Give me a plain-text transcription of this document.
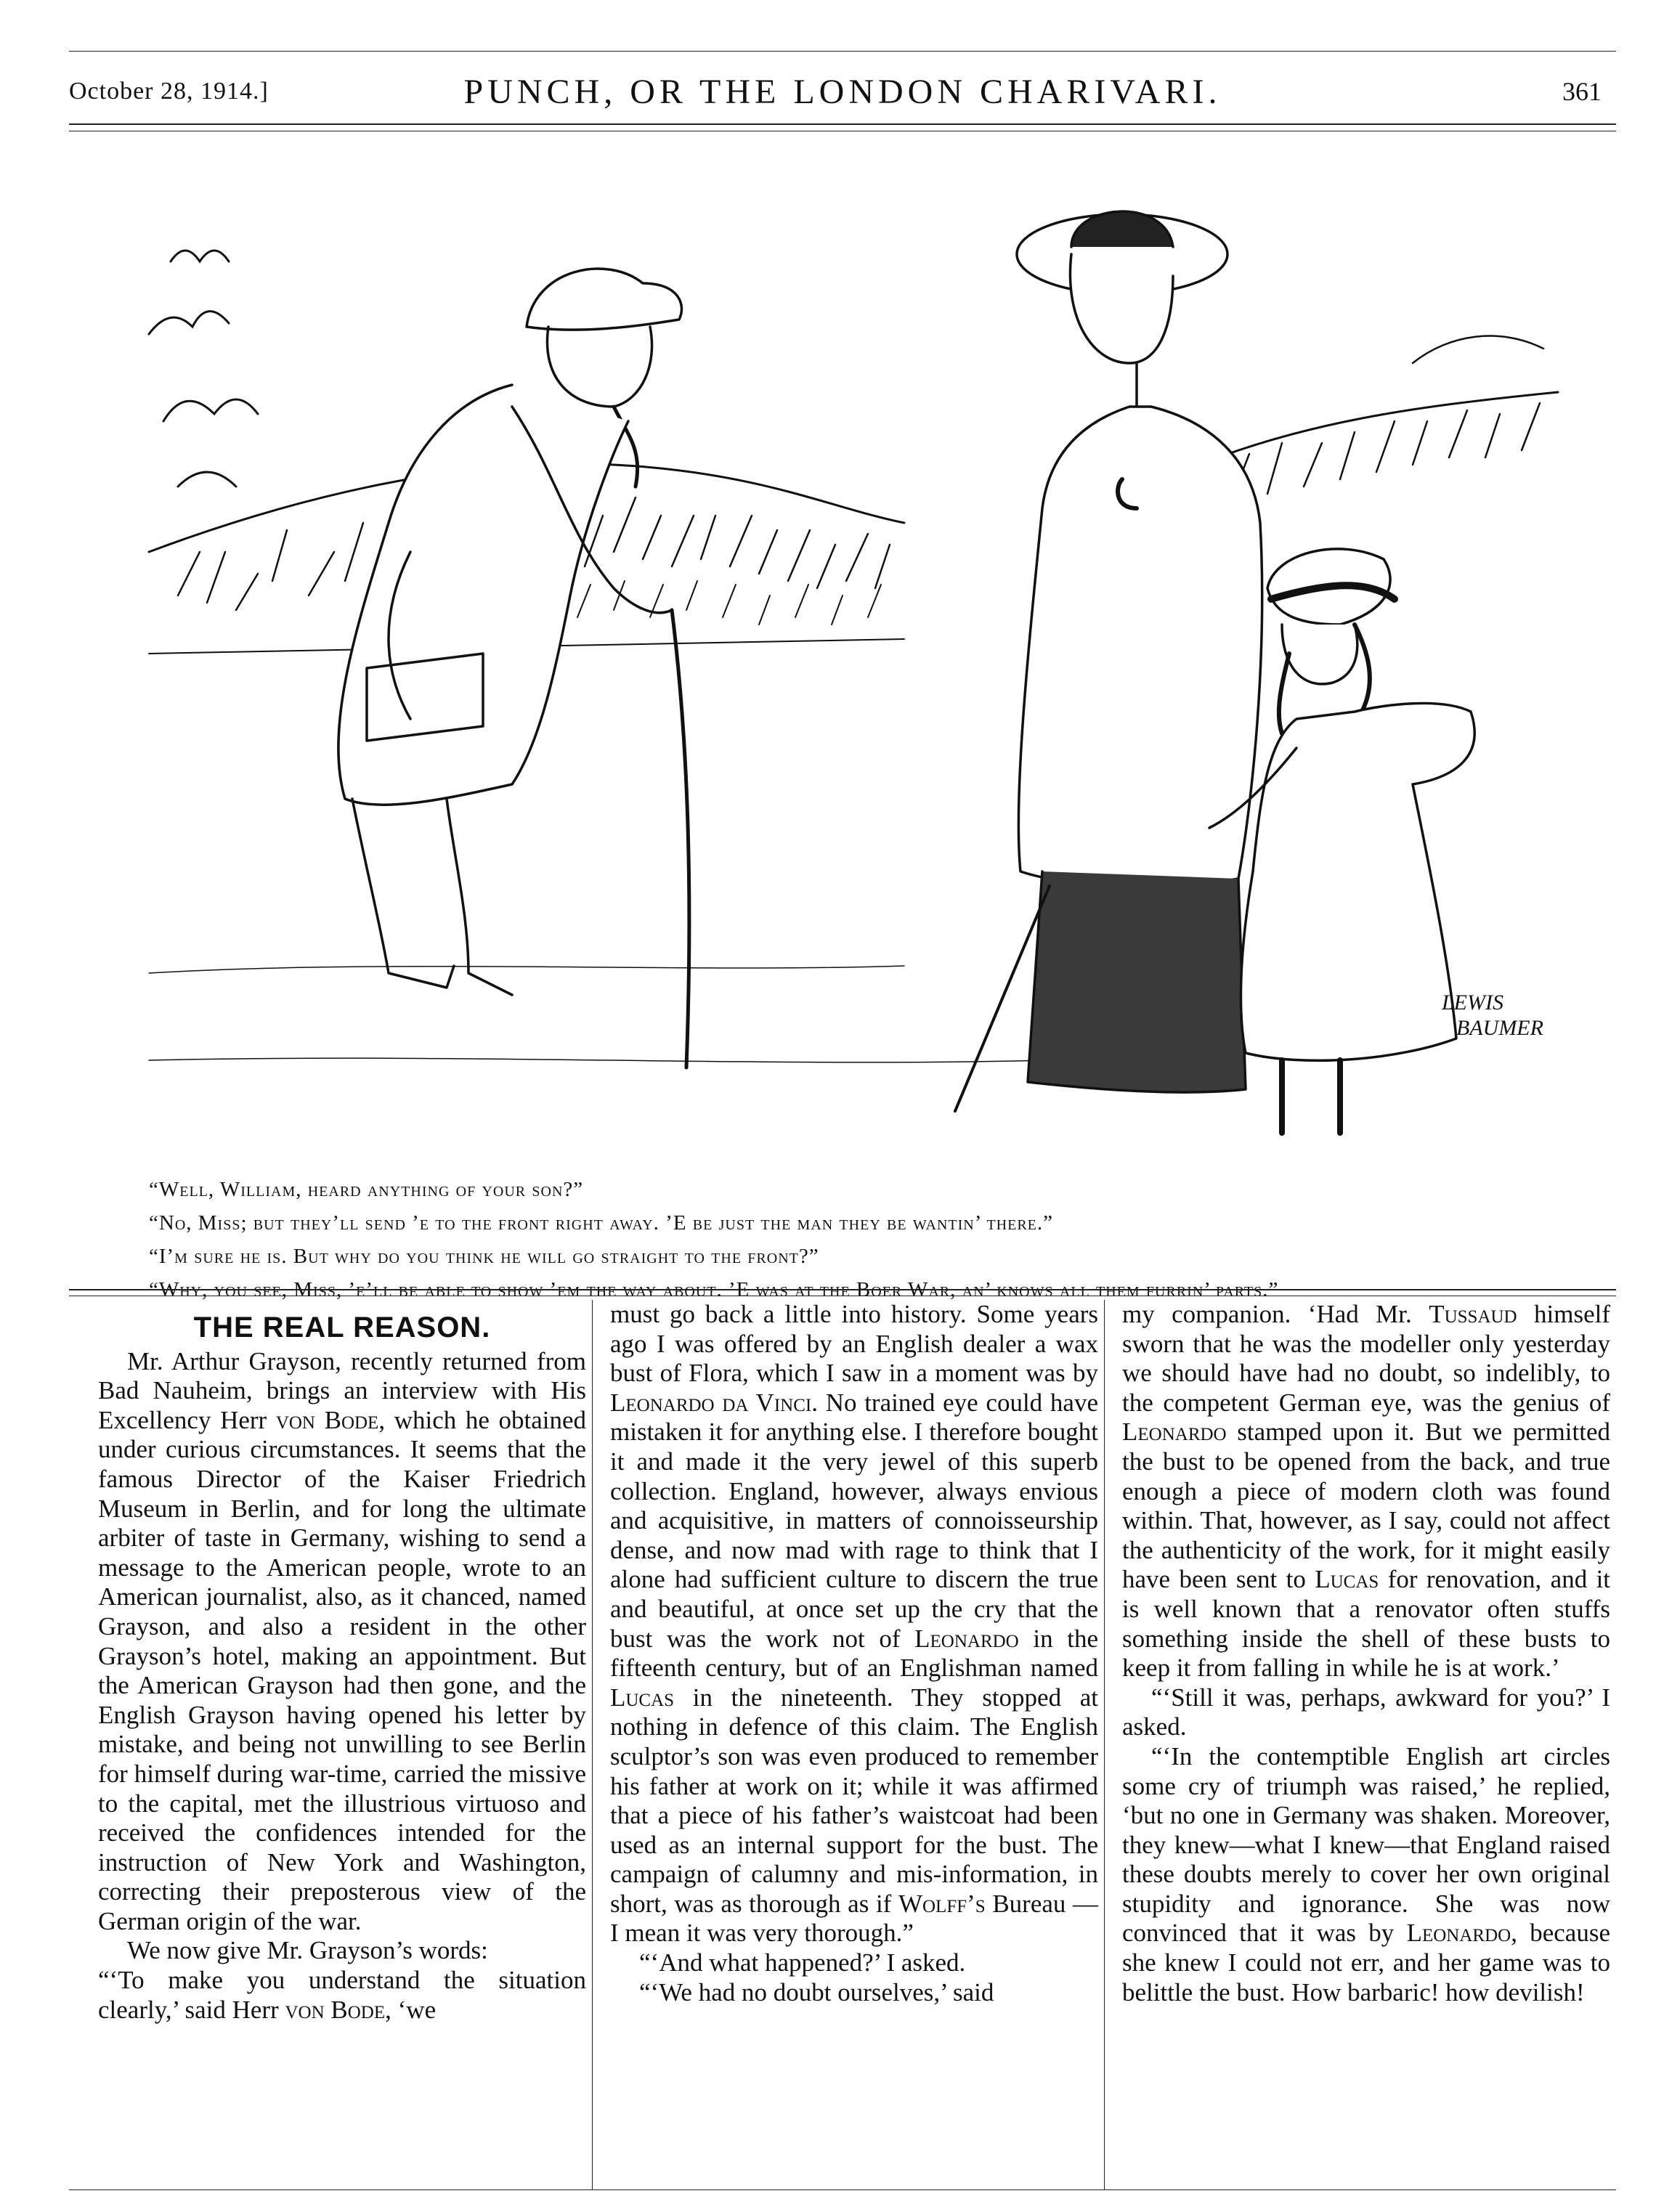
October 28, 1914.]	PUNCH, OR THE LONDON CHARIVARI.	361
LEWIS
BAUMER

“Well, William, heard anything of your son?”

“No, Miss; but they’ll send ’e to the front right away. ’E be just the man they be wantin’ there.”

“I’m sure he is. But why do you think he will go straight to the front?”

“Why, you see, Miss, ’e’ll be able to show ’em the way about. ’E was at the Boer War, an’ knows all them furrin’ parts.”

THE REAL REASON.

Mr. Arthur Grayson, recently returned from Bad Nauheim, brings an interview with His Excellency Herr von Bode, which he obtained under curious circumstances. It seems that the famous Director of the Kaiser Friedrich Museum in Berlin, and for long the ultimate arbiter of taste in Germany, wishing to send a message to the American people, wrote to an American journalist, also, as it chanced, named Grayson, and also a resident in the other Grayson’s hotel, making an appointment. But the American Grayson had then gone, and the English Grayson having opened his letter by mistake, and being not unwilling to see Berlin for himself during war-time, carried the missive to the capital, met the illustrious virtuoso and received the confidences intended for the instruction of New York and Washington, correcting their preposterous view of the German origin of the war.

We now give Mr. Grayson’s words:

“‘To make you understand the situation clearly,’ said Herr von Bode, ‘we

must go back a little into history. Some years ago I was offered by an English dealer a wax bust of Flora, which I saw in a moment was by Leonardo da Vinci. No trained eye could have mistaken it for anything else. I therefore bought it and made it the very jewel of this superb collection. England, however, always envious and acquisitive, in matters of connoisseurship dense, and now mad with rage to think that I alone had sufficient culture to discern the true and beautiful, at once set up the cry that the bust was the work not of Leonardo in the fifteenth century, but of an Englishman named Lucas in the nineteenth. They stopped at nothing in defence of this claim. The English sculptor’s son was even produced to remember his father at work on it; while it was affirmed that a piece of his father’s waistcoat had been used as an internal support for the bust. The campaign of calumny and mis-information, in short, was as thorough as if Wolff’s Bureau — I mean it was very thorough.”

“‘And what happened?’ I asked.

“‘We had no doubt ourselves,’ said

my companion. ‘Had Mr. Tussaud himself sworn that he was the modeller only yesterday we should have had no doubt, so indelibly, to the competent German eye, was the genius of Leonardo stamped upon it. But we permitted the bust to be opened from the back, and true enough a piece of modern cloth was found within. That, however, as I say, could not affect the authenticity of the work, for it might easily have been sent to Lucas for renovation, and it is well known that a renovator often stuffs something inside the shell of these busts to keep it from falling in while he is at work.’

“‘Still it was, perhaps, awkward for you?’ I asked.

“‘In the contemptible English art circles some cry of triumph was raised,’ he replied, ‘but no one in Germany was shaken. Moreover, they knew—what I knew—that England raised these doubts merely to cover her own original stupidity and ignorance. She was now convinced that it was by Leonardo, because she knew I could not err, and her game was to belittle the bust. How barbaric! how devilish!
